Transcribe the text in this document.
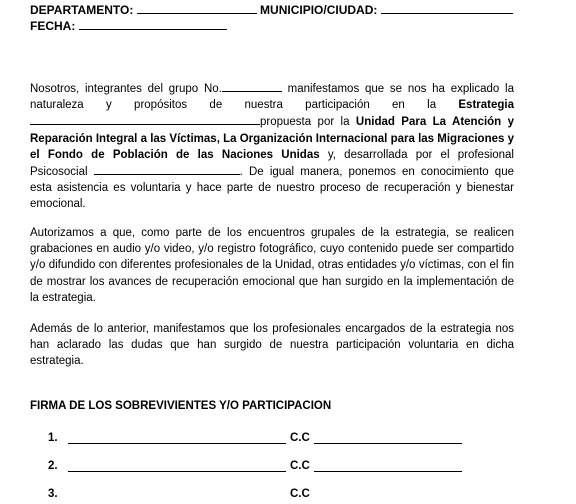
DEPARTAMENTO:	MUNICIPIO/CIUDAD:
FECHA:

Nosotros, integrantes del grupo No.	manifestamos que se nos ha explicado la naturaleza y propósitos de nuestra participación en la Estrategia propuesta por la Unidad Para La Atención y Reparación Integral a las Víctimas, La Organización Internacional para las Migraciones y el Fondo de Población de las Naciones Unidas y, desarrollada por el profesional Psicosocial	. De igual manera, ponemos en conocimiento que esta asistencia es voluntaria y hace parte de nuestro proceso de recuperación y bienestar emocional.

Autorizamos a que, como parte de los encuentros grupales de la estrategia, se realicen grabaciones en audio y/o video, y/o registro fotográfico, cuyo contenido puede ser compartido y/o difundido con diferentes profesionales de la Unidad, otras entidades y/o víctimas, con el fin de mostrar los avances de recuperación emocional que han surgido en la implementación de la estrategia.

Además de lo anterior, manifestamos que los profesionales encargados de la estrategia nos han aclarado las dudas que han surgido de nuestra participación voluntaria en dicha estrategia.

FIRMA DE LOS SOBREVIVIENTES Y/O PARTICIPACION
1.	C.C
2.	C.C
3.	C.C
